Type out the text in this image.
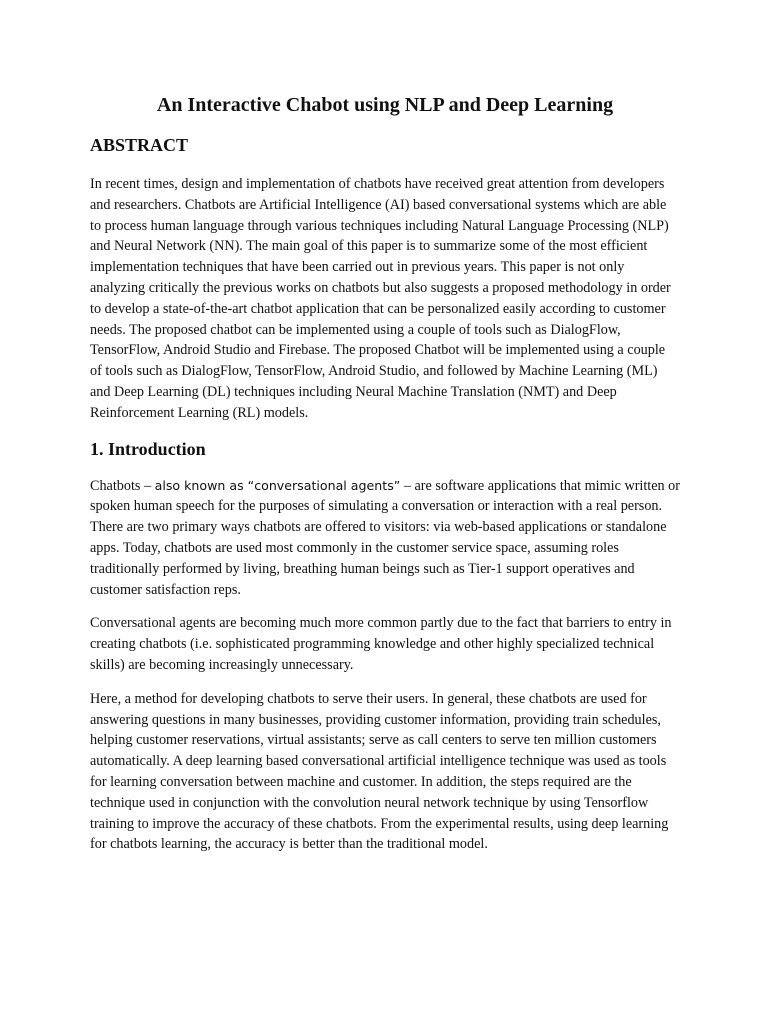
An Interactive Chabot using NLP and Deep Learning
ABSTRACT

In recent times, design and implementation of chatbots have received great attention from developers and researchers. Chatbots are Artificial Intelligence (AI) based conversational systems which are able to process human language through various techniques including Natural Language Processing (NLP) and Neural Network (NN). The main goal of this paper is to summarize some of the most efficient implementation techniques that have been carried out in previous years. This paper is not only analyzing critically the previous works on chatbots but also suggests a proposed methodology in order to develop a state-of-the-art chatbot application that can be personalized easily according to customer needs. The proposed chatbot can be implemented using a couple of tools such as DialogFlow, TensorFlow, Android Studio and Firebase. The proposed Chatbot will be implemented using a couple of tools such as DialogFlow, TensorFlow, Android Studio, and followed by Machine Learning (ML) and Deep Learning (DL) techniques including Neural Machine Translation (NMT) and Deep Reinforcement Learning (RL) models.

1. Introduction

Chatbots – also known as “conversational agents” – are software applications that mimic written or spoken human speech for the purposes of simulating a conversation or interaction with a real person. There are two primary ways chatbots are offered to visitors: via web-based applications or standalone apps. Today, chatbots are used most commonly in the customer service space, assuming roles traditionally performed by living, breathing human beings such as Tier-1 support operatives and customer satisfaction reps.

Conversational agents are becoming much more common partly due to the fact that barriers to entry in creating chatbots (i.e. sophisticated programming knowledge and other highly specialized technical skills) are becoming increasingly unnecessary.

Here, a method for developing chatbots to serve their users. In general, these chatbots are used for answering questions in many businesses, providing customer information, providing train schedules, helping customer reservations, virtual assistants; serve as call centers to serve ten million customers automatically. A deep learning based conversational artificial intelligence technique was used as tools for learning conversation between machine and customer. In addition, the steps required are the technique used in conjunction with the convolution neural network technique by using Tensorflow training to improve the accuracy of these chatbots. From the experimental results, using deep learning for chatbots learning, the accuracy is better than the traditional model.
